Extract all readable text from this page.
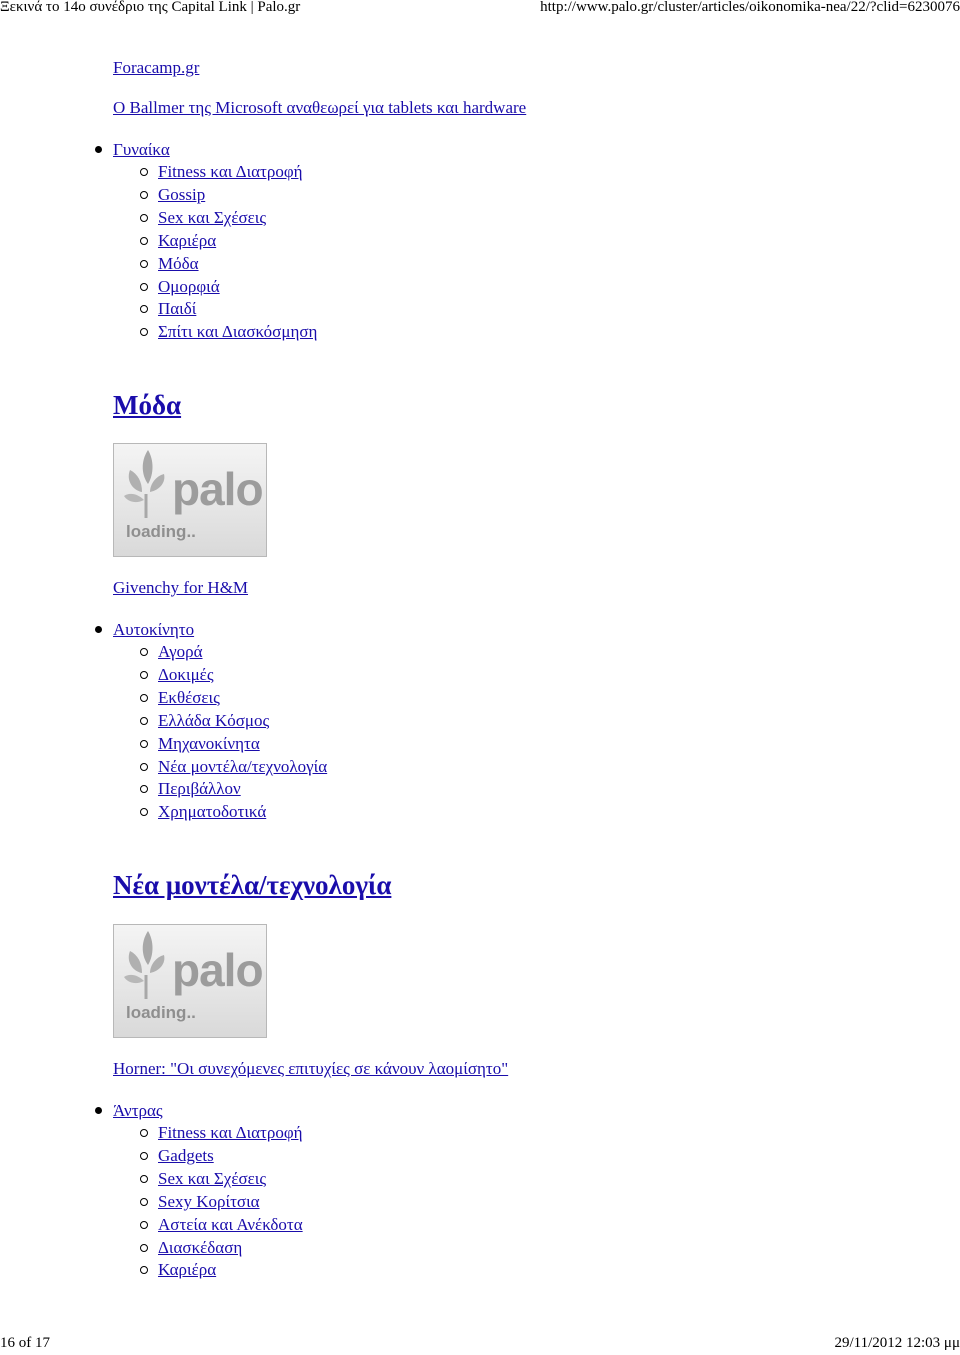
Ξεκινά το 14ο συνέδριο της Capital Link | Palo.gr	http://www.palo.gr/cluster/articles/oikonomika-nea/22/?clid=6230076
Foracamp.gr
O Ballmer της Microsoft αναθεωρεί για tablets και hardware
Γυναίκα
Fitness και Διατροφή
Gossip
Sex και Σχέσεις
Καριέρα
Μόδα
Ομορφιά
Παιδί
Σπίτι και Διασκόσμηση
Μόδα
palo
loading..
Givenchy for H&M
Αυτοκίνητο
Αγορά
Δοκιμές
Εκθέσεις
Ελλάδα Κόσμος
Μηχανοκίνητα
Νέα μοντέλα/τεχνολογία
Περιβάλλον
Χρηματοδοτικά
Νέα μοντέλα/τεχνολογία
palo
loading..
Horner: "Οι συνεχόμενες επιτυχίες σε κάνουν λαομίσητο"
Άντρας
Fitness και Διατροφή
Gadgets
Sex και Σχέσεις
Sexy Κορίτσια
Αστεία και Ανέκδοτα
Διασκέδαση
Καριέρα
16 of 17	29/11/2012 12:03 μμ
